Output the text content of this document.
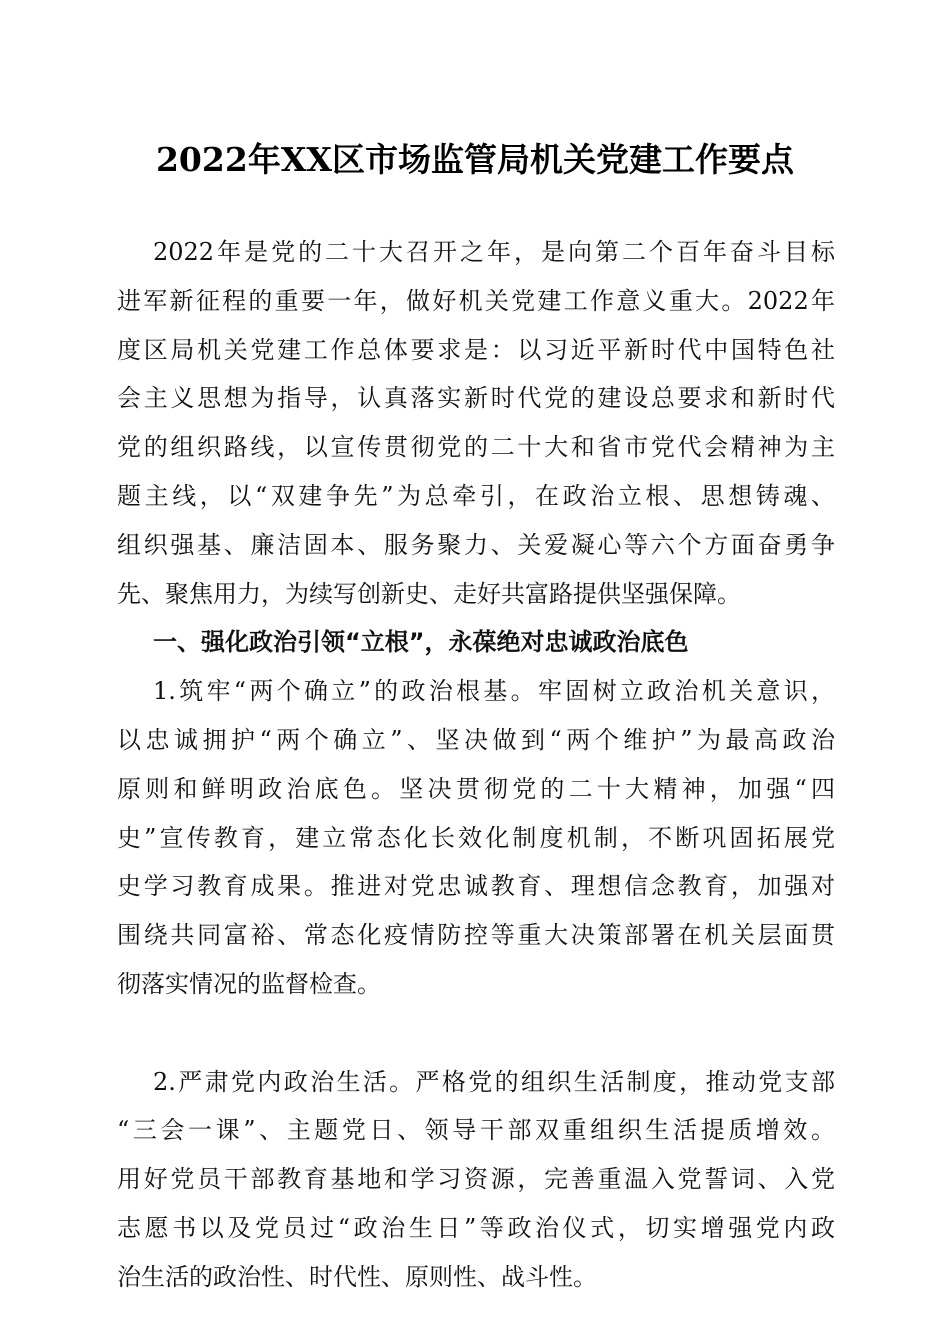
2022年XX区市场监管局机关党建工作要点
2022年是党的二十大召开之年，是向第二个百年奋斗目标
进军新征程的重要一年，做好机关党建工作意义重大。2022年
度区局机关党建工作总体要求是：以习近平新时代中国特色社
会主义思想为指导，认真落实新时代党的建设总要求和新时代
党的组织路线，以宣传贯彻党的二十大和省市党代会精神为主
题主线，以“双建争先”为总牵引，在政治立根、思想铸魂、
组织强基、廉洁固本、服务聚力、关爱凝心等六个方面奋勇争
先、聚焦用力，为续写创新史、走好共富路提供坚强保障。
一、强化政治引领“立根”，永葆绝对忠诚政治底色
1.筑牢“两个确立”的政治根基。牢固树立政治机关意识，
以忠诚拥护“两个确立”、坚决做到“两个维护”为最高政治
原则和鲜明政治底色。坚决贯彻党的二十大精神，加强“四
史”宣传教育，建立常态化长效化制度机制，不断巩固拓展党
史学习教育成果。推进对党忠诚教育、理想信念教育，加强对
围绕共同富裕、常态化疫情防控等重大决策部署在机关层面贯
彻落实情况的监督检查。
2.严肃党内政治生活。严格党的组织生活制度，推动党支部
“三会一课”、主题党日、领导干部双重组织生活提质增效。
用好党员干部教育基地和学习资源，完善重温入党誓词、入党
志愿书以及党员过“政治生日”等政治仪式，切实增强党内政
治生活的政治性、时代性、原则性、战斗性。
